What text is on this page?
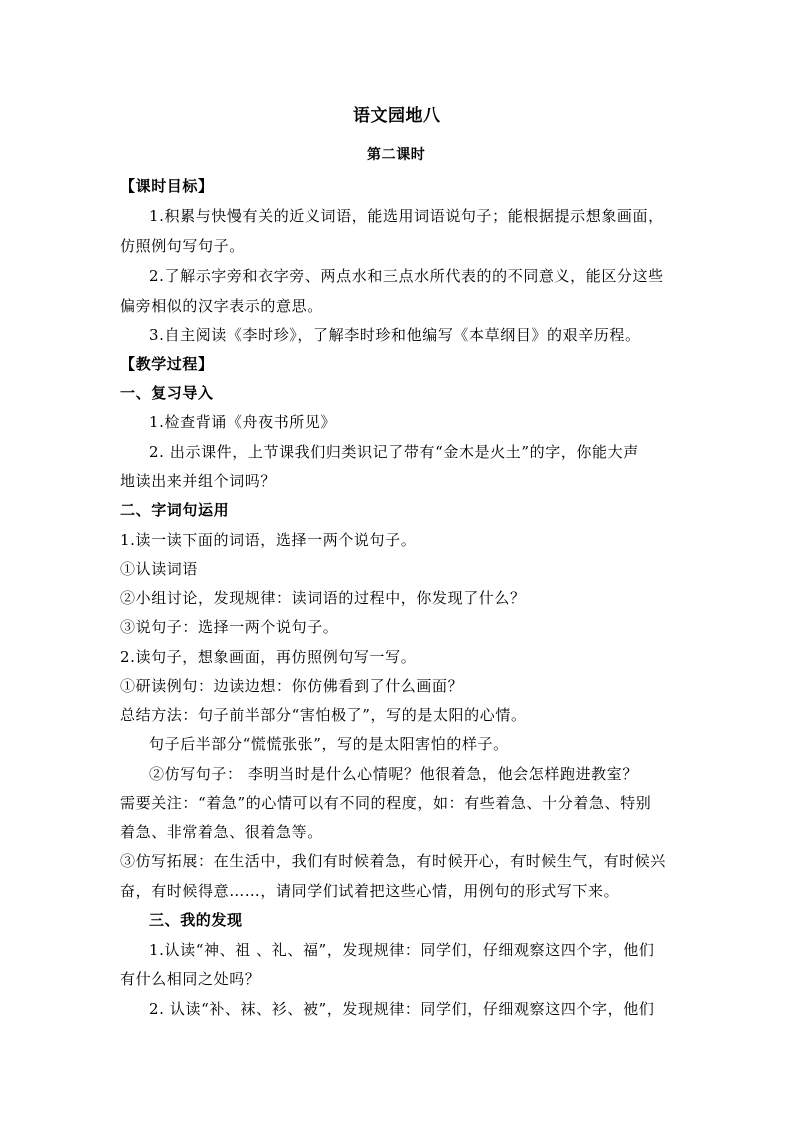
语文园地八
第二课时
【课时目标】
1.积累与快慢有关的近义词语，能选用词语说句子；能根据提示想象画面，
仿照例句写句子。
2.了解示字旁和衣字旁、两点水和三点水所代表的的不同意义，能区分这些
偏旁相似的汉字表示的意思。
3.自主阅读《李时珍》，了解李时珍和他编写《本草纲目》的艰辛历程。
【教学过程】
一、复习导入
1.检查背诵《舟夜书所见》
2. 出示课件，上节课我们归类识记了带有“金木是火土”的字，你能大声
地读出来并组个词吗？
二、字词句运用
1.读一读下面的词语，选择一两个说句子。
①认读词语
②小组讨论，发现规律：读词语的过程中，你发现了什么？
③说句子：选择一两个说句子。
2.读句子，想象画面，再仿照例句写一写。
①研读例句：边读边想：你仿佛看到了什么画面？
总结方法：句子前半部分“害怕极了”，写的是太阳的心情。
句子后半部分“慌慌张张”，写的是太阳害怕的样子。
②仿写句子： 李明当时是什么心情呢？他很着急，他会怎样跑进教室？
需要关注：“着急”的心情可以有不同的程度，如：有些着急、十分着急、特别
着急、非常着急、很着急等。
③仿写拓展：在生活中，我们有时候着急，有时候开心，有时候生气，有时候兴
奋，有时候得意……，请同学们试着把这些心情，用例句的形式写下来。
三、我的发现
1.认读“神、祖 、礼、福”，发现规律：同学们，仔细观察这四个字，他们
有什么相同之处吗？
2. 认读“补、袜、衫、被”，发现规律：同学们，仔细观察这四个字，他们
